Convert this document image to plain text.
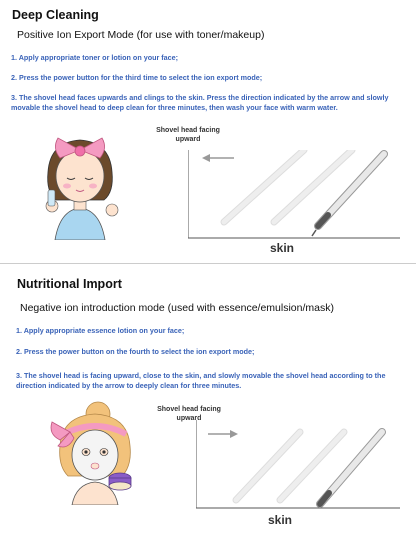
Deep Cleaning
Positive Ion Export Mode (for use with toner/makeup)
1. Apply appropriate toner or lotion on your face;
2. Press the power button for the third time to select the ion export mode;
3. The shovel head faces upwards and clings to the skin. Press the direction indicated by the arrow and slowly movable the shovel head to deep clean for three minutes, then wash your face with warm water.
Shovel head facing upward
skin
Nutritional Import
Negative ion introduction mode (used with essence/emulsion/mask)
1. Apply appropriate essence lotion on your face;
2. Press the power button on the fourth to select the ion export mode;
3. The shovel head is facing upward, close to the skin, and slowly movable the shovel head according to the direction indicated by the arrow to deeply clean for three minutes.
Shovel head facing upward
skin
